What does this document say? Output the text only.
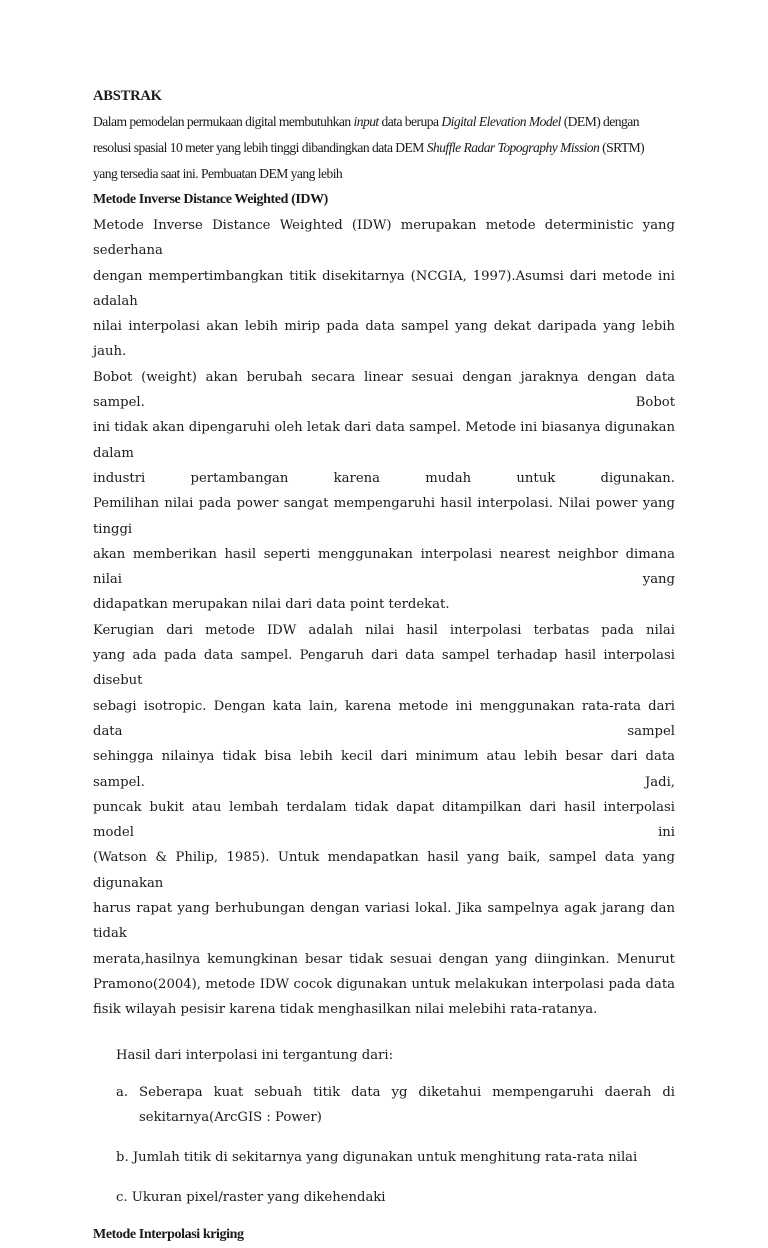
ABSTRAK

Dalam pemodelan permukaan digital membutuhkan input data berupa Digital Elevation Model (DEM) dengan
resolusi spasial 10 meter yang lebih tinggi dibandingkan data DEM Shuffle Radar Topography Mission (SRTM)
yang tersedia saat ini. Pembuatan DEM yang lebih

Metode Inverse Distance Weighted (IDW)

Metode Inverse Distance Weighted (IDW) merupakan metode deterministic yang sederhana
dengan mempertimbangkan titik disekitarnya (NCGIA, 1997).Asumsi dari metode ini adalah
nilai interpolasi akan lebih mirip pada data sampel yang dekat daripada yang lebih jauh.
Bobot (weight) akan berubah secara linear sesuai dengan jaraknya dengan data sampel. Bobot
ini tidak akan dipengaruhi oleh letak dari data sampel. Metode ini biasanya digunakan dalam
industri pertambangan karena mudah untuk digunakan.
Pemilihan nilai pada power sangat mempengaruhi hasil interpolasi. Nilai power yang tinggi
akan memberikan hasil seperti menggunakan interpolasi nearest neighbor dimana nilai yang
didapatkan merupakan nilai dari data point terdekat.

Kerugian dari metode IDW adalah nilai hasil interpolasi terbatas pada nilai
yang ada pada data sampel. Pengaruh dari data sampel terhadap hasil interpolasi disebut
sebagi isotropic. Dengan kata lain, karena metode ini menggunakan rata-rata dari data sampel
sehingga nilainya tidak bisa lebih kecil dari minimum atau lebih besar dari data sampel. Jadi,
puncak bukit atau lembah terdalam tidak dapat ditampilkan dari hasil interpolasi model ini
(Watson & Philip, 1985). Untuk mendapatkan hasil yang baik, sampel data yang digunakan
harus rapat yang berhubungan dengan variasi lokal. Jika sampelnya agak jarang dan tidak
merata,hasilnya kemungkinan besar tidak sesuai dengan yang diinginkan. Menurut
Pramono(2004), metode IDW cocok digunakan untuk melakukan interpolasi pada data
fisik wilayah pesisir karena tidak menghasilkan nilai melebihi rata-ratanya.

Hasil dari interpolasi ini tergantung dari:
a. Seberapa kuat sebuah titik data yg diketahui mempengaruhi daerah di
sekitarnya(ArcGIS : Power)
b. Jumlah titik di sekitarnya yang digunakan untuk menghitung rata-rata nilai
c. Ukuran pixel/raster yang dikehendaki
Metode Interpolasi kriging
